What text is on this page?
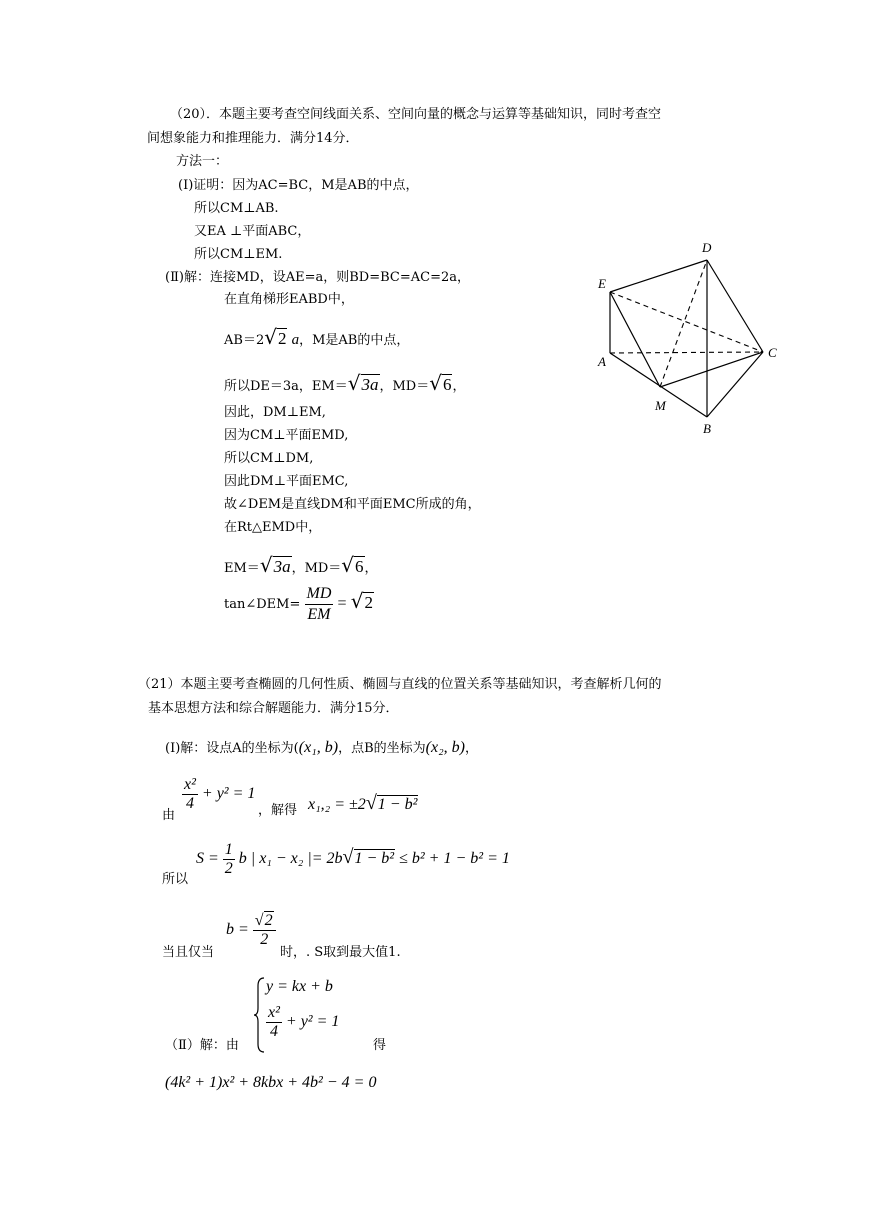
（20）．本题主要考查空间线面关系、空间向量的概念与运算等基础知识，同时考查空
间想象能力和推理能力．满分14分．
方法一：
(I)证明：因为AC=BC，M是AB的中点，
所以CM⊥AB.
又EA ⊥平面ABC，
所以CM⊥EM.
(Ⅱ)解：连接MD，设AE=a，则BD=BC=AC=2a，
在直角梯形EABD中，
AB＝2√2 a，M是AB的中点，
所以DE＝3a，EM＝√3a，MD＝√6，
因此，DM⊥EM,
因为CM⊥平面EMD,
所以CM⊥DM,
因此DM⊥平面EMC,
故∠DEM是直线DM和平面EMC所成的角，
在Rt△EMD中，
EM＝√3a，MD＝√6，
tan∠DEM= $\frac{MD}{EM} = √2$
D
E
C
A
M
B
（21）本题主要考查椭圆的几何性质、椭圆与直线的位置关系等基础知识，考查解析几何的
基本思想方法和综合解题能力．满分15分．
(I)解：设点A的坐标为((x₁, b)，点B的坐标为(x₂, b)，
由
$\frac{\text{x²}}{4} + y^2 = 1$
，解得 x₁,₂ = ±2√1 − b²
所以
$S = \frac{1}{2}$ b | x₁ − x₂ |= 2b√1 − b² ≤ b² + 1 − b² = 1
当且仅当
$b = \frac{√2}{2}$
时，. S取到最大值1.
（Ⅱ）解：由
y = kx + b
$\frac{\text{x²}}{4} + y^2 = 1$
得
(4k² + 1)x² + 8kbx + 4b² − 4 = 0
